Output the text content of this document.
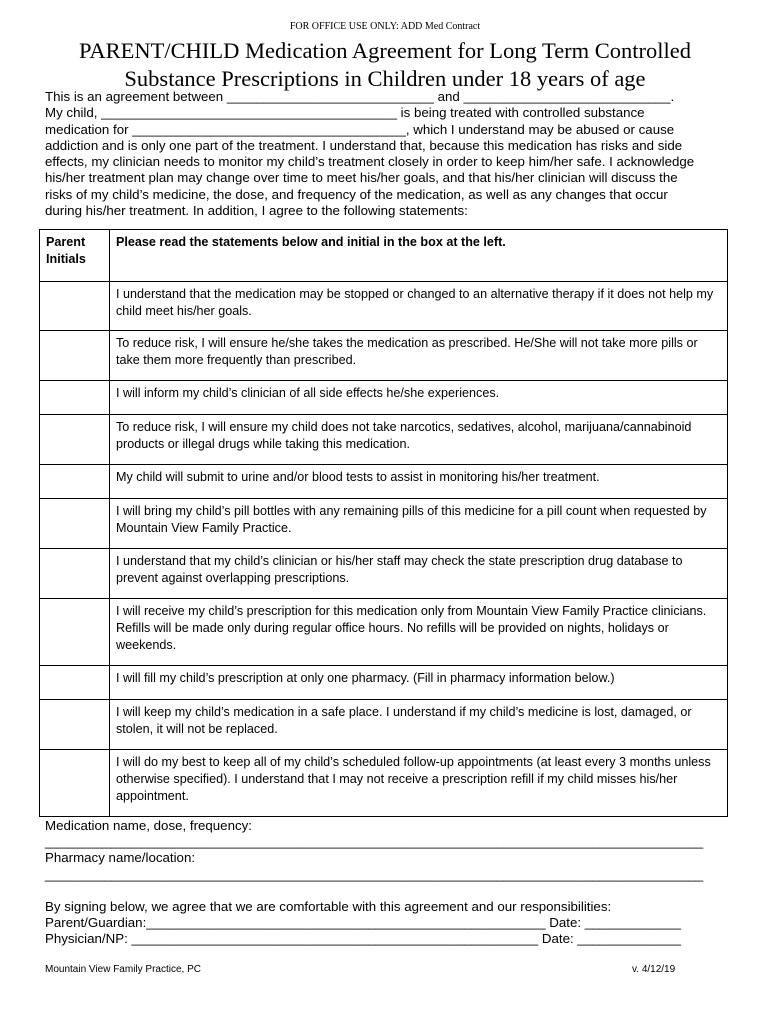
FOR OFFICE USE ONLY: ADD Med Contract
PARENT/CHILD Medication Agreement for Long Term Controlled
Substance Prescriptions in Children under 18 years of age
This is an agreement between ____________________________ and ____________________________.
My child, ________________________________________ is being treated with controlled substance
medication for _____________________________________, which I understand may be abused or cause
addiction and is only one part of the treatment. I understand that, because this medication has risks and side
effects, my clinician needs to monitor my child’s treatment closely in order to keep him/her safe. I acknowledge
his/her treatment plan may change over time to meet his/her goals, and that his/her clinician will discuss the
risks of my child’s medicine, the dose, and frequency of the medication, as well as any changes that occur
during his/her treatment. In addition, I agree to the following statements:
Parent Initials	Please read the statements below and initial in the box at the left.
	I understand that the medication may be stopped or changed to an alternative therapy if it does not help my child meet his/her goals.
	To reduce risk, I will ensure he/she takes the medication as prescribed. He/She will not take more pills or take them more frequently than prescribed.
	I will inform my child’s clinician of all side effects he/she experiences.
	To reduce risk, I will ensure my child does not take narcotics, sedatives, alcohol, marijuana/cannabinoid products or illegal drugs while taking this medication.
	My child will submit to urine and/or blood tests to assist in monitoring his/her treatment.
	I will bring my child’s pill bottles with any remaining pills of this medicine for a pill count when requested by Mountain View Family Practice.
	I understand that my child’s clinician or his/her staff may check the state prescription drug database to prevent against overlapping prescriptions.
	I will receive my child’s prescription for this medication only from Mountain View Family Practice clinicians. Refills will be made only during regular office hours. No refills will be provided on nights, holidays or weekends.
	I will fill my child’s prescription at only one pharmacy. (Fill in pharmacy information below.)
	I will keep my child’s medication in a safe place. I understand if my child’s medicine is lost, damaged, or stolen, it will not be replaced.
	I will do my best to keep all of my child’s scheduled follow-up appointments (at least every 3 months unless otherwise specified). I understand that I may not receive a prescription refill if my child misses his/her appointment.
Medication name, dose, frequency:
_________________________________________________________________________________________
Pharmacy name/location:
_________________________________________________________________________________________
By signing below, we agree that we are comfortable with this agreement and our responsibilities:
Parent/Guardian:______________________________________________________ Date: _____________
Physician/NP: _______________________________________________________ Date: ______________
Mountain View Family Practice, PC	v. 4/12/19
